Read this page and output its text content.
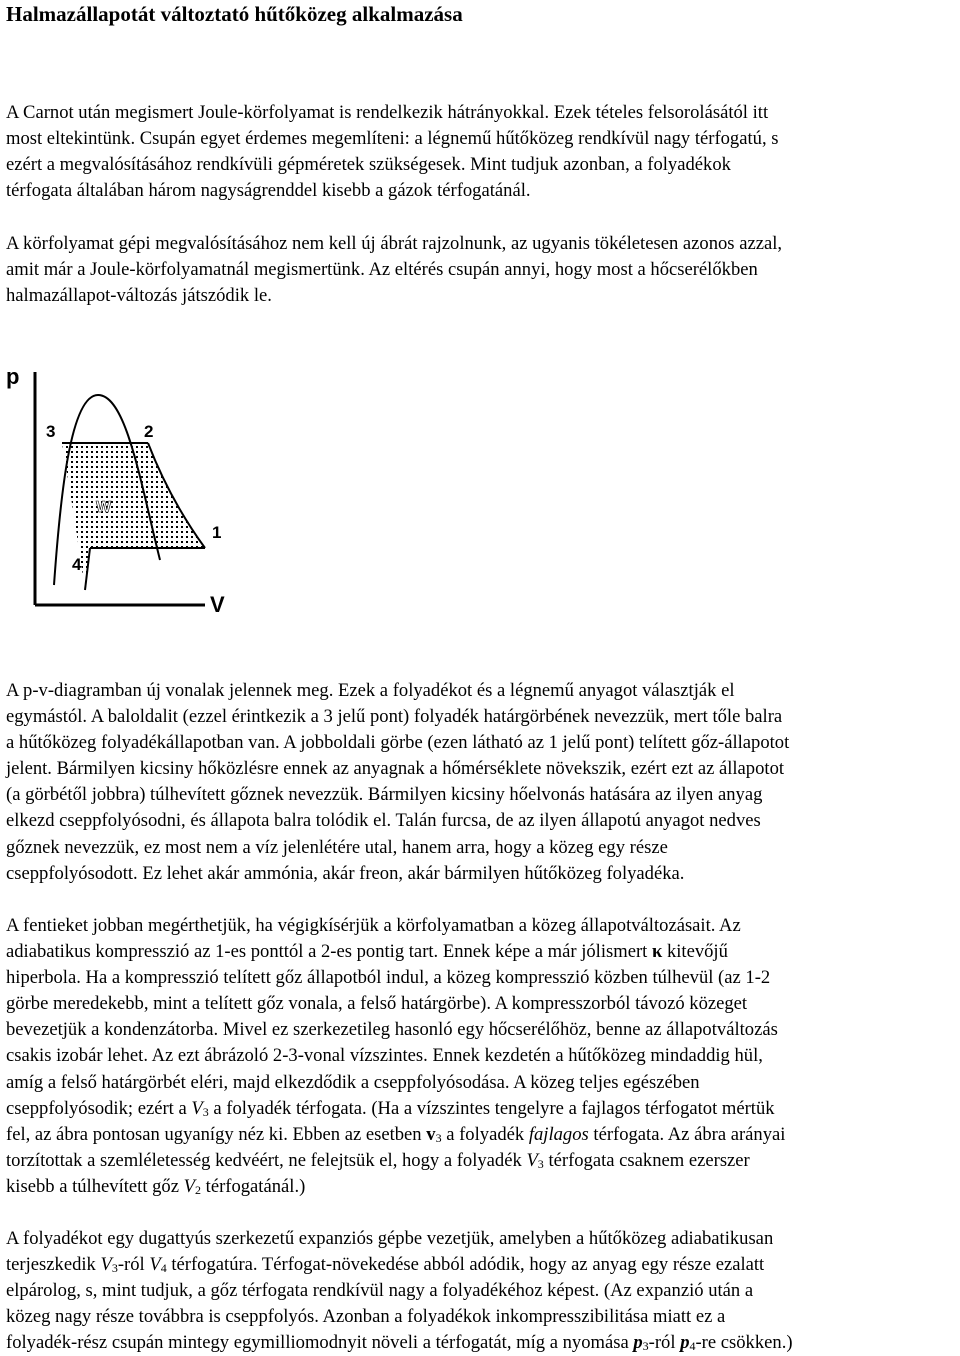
Halmazállapotát változtató hűtőközeg alkalmazása

A Carnot után megismert Joule-körfolyamat is rendelkezik hátrányokkal. Ezek tételes felsorolásától itt
most eltekintünk. Csupán egyet érdemes megemlíteni: a légnemű hűtőközeg rendkívül nagy térfogatú, s
ezért a megvalósításához rendkívüli gépméretek szükségesek. Mint tudjuk azonban, a folyadékok
térfogata általában három nagyságrenddel kisebb a gázok térfogatánál.

A körfolyamat gépi megvalósításához nem kell új ábrát rajzolnunk, az ugyanis tökéletesen azonos azzal,
amit már a Joule-körfolyamatnál megismertünk. Az eltérés csupán annyi, hogy most a hőcserélőkben
halmazállapot-változás játszódik le.

p
V
3	2
1
4
W

A p-v-diagramban új vonalak jelennek meg. Ezek a folyadékot és a légnemű anyagot választják el
egymástól. A baloldalit (ezzel érintkezik a 3 jelű pont) folyadék határgörbének nevezzük, mert tőle balra
a hűtőközeg folyadékállapotban van. A jobboldali görbe (ezen látható az 1 jelű pont) telített gőz-állapotot
jelent. Bármilyen kicsiny hőközlésre ennek az anyagnak a hőmérséklete növekszik, ezért ezt az állapotot
(a görbétől jobbra) túlhevített gőznek nevezzük. Bármilyen kicsiny hőelvonás hatására az ilyen anyag
elkezd cseppfolyósodni, és állapota balra tolódik el. Talán furcsa, de az ilyen állapotú anyagot nedves
gőznek nevezzük, ez most nem a víz jelenlétére utal, hanem arra, hogy a közeg egy része
cseppfolyósodott. Ez lehet akár ammónia, akár freon, akár bármilyen hűtőközeg folyadéka.

A fentieket jobban megérthetjük, ha végigkísérjük a körfolyamatban a közeg állapotváltozásait. Az
adiabatikus kompresszió az 1-es ponttól a 2-es pontig tart. Ennek képe a már jólismert κ kitevőjű
hiperbola. Ha a kompresszió telített gőz állapotból indul, a közeg kompresszió közben túlhevül (az 1-2
görbe meredekebb, mint a telített gőz vonala, a felső határgörbe). A kompresszorból távozó közeget
bevezetjük a kondenzátorba. Mivel ez szerkezetileg hasonló egy hőcserélőhöz, benne az állapotváltozás
csakis izobár lehet. Az ezt ábrázoló 2-3-vonal vízszintes. Ennek kezdetén a hűtőközeg mindaddig hül,
amíg a felső határgörbét eléri, majd elkezdődik a cseppfolyósodása. A közeg teljes egészében
cseppfolyósodik; ezért a $V_3$ a folyadék térfogata. (Ha a vízszintes tengelyre a fajlagos térfogatot mértük
fel, az ábra pontosan ugyanígy néz ki. Ebben az esetben $v_3$ a folyadék fajlagos térfogata. Az ábra arányai
torzítottak a szemléletesség kedvéért, ne felejtsük el, hogy a folyadék $V_3$ térfogata csaknem ezerszer
kisebb a túlhevített gőz $V_2$ térfogatánál.)

A folyadékot egy dugattyús szerkezetű expanziós gépbe vezetjük, amelyben a hűtőközeg adiabatikusan
terjeszkedik $V_3$-ról $V_4$ térfogatúra. Térfogat-növekedése abból adódik, hogy az anyag egy része ezalatt
elpárolog, s, mint tudjuk, a gőz térfogata rendkívül nagy a folyadékéhoz képest. (Az expanzió után a
közeg nagy része továbbra is cseppfolyós. Azonban a folyadékok inkompresszibilitása miatt ez a
folyadék-rész csupán mintegy egymilliomodnyit növeli a térfogatát, míg a nyomása $p_3$-ról $p_4-re$ csökken.)
